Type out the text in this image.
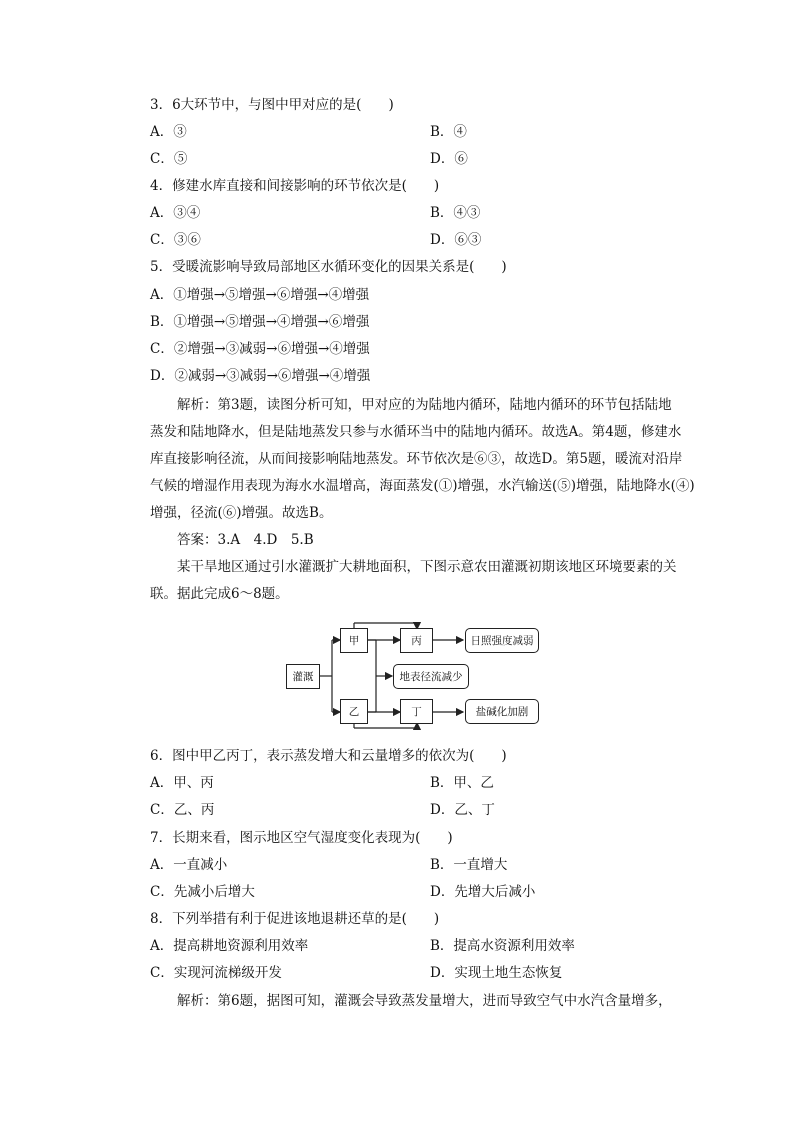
3．6大环节中，与图中甲对应的是(　　)
A．③	B．④
C．⑤	D．⑥
4．修建水库直接和间接影响的环节依次是(　　)
A．③④	B．④③
C．③⑥	D．⑥③
5．受暖流影响导致局部地区水循环变化的因果关系是(　　)
A．①增强→⑤增强→⑥增强→④增强
B．①增强→⑤增强→④增强→⑥增强
C．②增强→③减弱→⑥增强→④增强
D．②减弱→③减弱→⑥增强→④增强
　　解析：第3题，读图分析可知，甲对应的为陆地内循环，陆地内循环的环节包括陆地
蒸发和陆地降水，但是陆地蒸发只参与水循环当中的陆地内循环。故选A。第4题，修建水
库直接影响径流，从而间接影响陆地蒸发。环节依次是⑥③，故选D。第5题，暖流对沿岸
气候的增湿作用表现为海水水温增高，海面蒸发(①)增强，水汽输送(⑤)增强，陆地降水(④)
增强，径流(⑥)增强。故选B。
　　答案：3.A　4.D　5.B
　　某干旱地区通过引水灌溉扩大耕地面积，下图示意农田灌溉初期该地区环境要素的关
联。据此完成6～8题。
灌溉
甲
乙
丙
丁
地表径流减少
日照强度减弱
盐碱化加剧
6．图中甲乙丙丁，表示蒸发增大和云量增多的依次为(　　)
A．甲、丙	B．甲、乙
C．乙、丙	D．乙、丁
7．长期来看，图示地区空气湿度变化表现为(　　)
A．一直减小	B．一直增大
C．先减小后增大	D．先增大后减小
8．下列举措有利于促进该地退耕还草的是(　　)
A．提高耕地资源利用效率	B．提高水资源利用效率
C．实现河流梯级开发	D．实现土地生态恢复
　　解析：第6题，据图可知，灌溉会导致蒸发量增大，进而导致空气中水汽含量增多，
